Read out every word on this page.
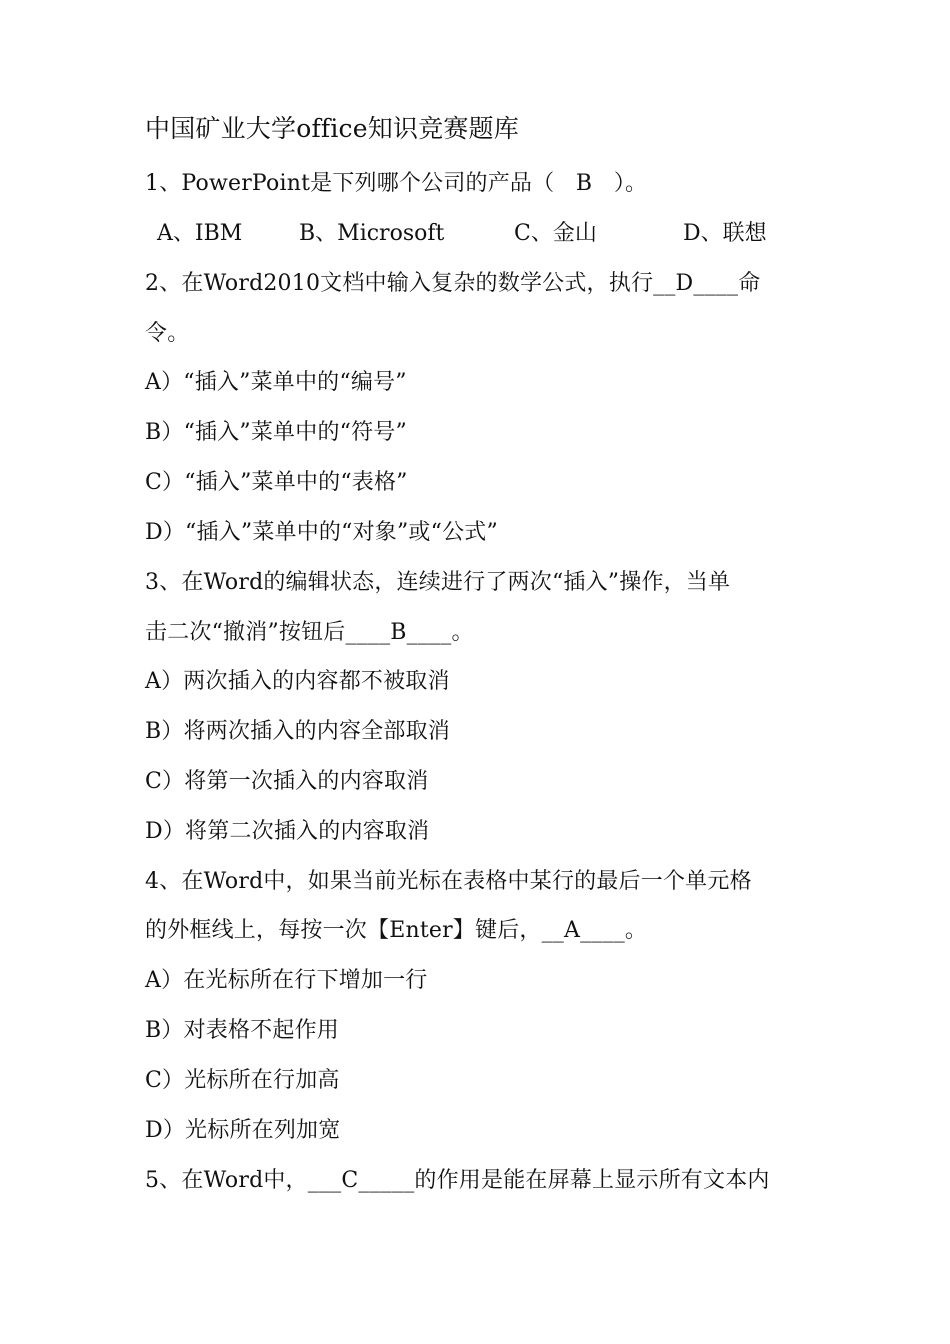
中国矿业大学office知识竞赛题库
1、PowerPoint是下列哪个公司的产品（   B   ）。
A、IBM	B、Microsoft	C、金山	D、联想
2、在Word2010文档中输入复杂的数学公式，执行__D____命
令。
A）“插入”菜单中的“编号”
B）“插入”菜单中的“符号”
C）“插入”菜单中的“表格”
D）“插入”菜单中的“对象”或“公式”
3、在Word的编辑状态，连续进行了两次“插入”操作，当单
击二次“撤消”按钮后____B____。
A）两次插入的内容都不被取消
B）将两次插入的内容全部取消
C）将第一次插入的内容取消
D）将第二次插入的内容取消
4、在Word中，如果当前光标在表格中某行的最后一个单元格
的外框线上，每按一次【Enter】键后，__A____。
A）在光标所在行下增加一行
B）对表格不起作用
C）光标所在行加高
D）光标所在列加宽
5、在Word中，___C_____的作用是能在屏幕上显示所有文本内
